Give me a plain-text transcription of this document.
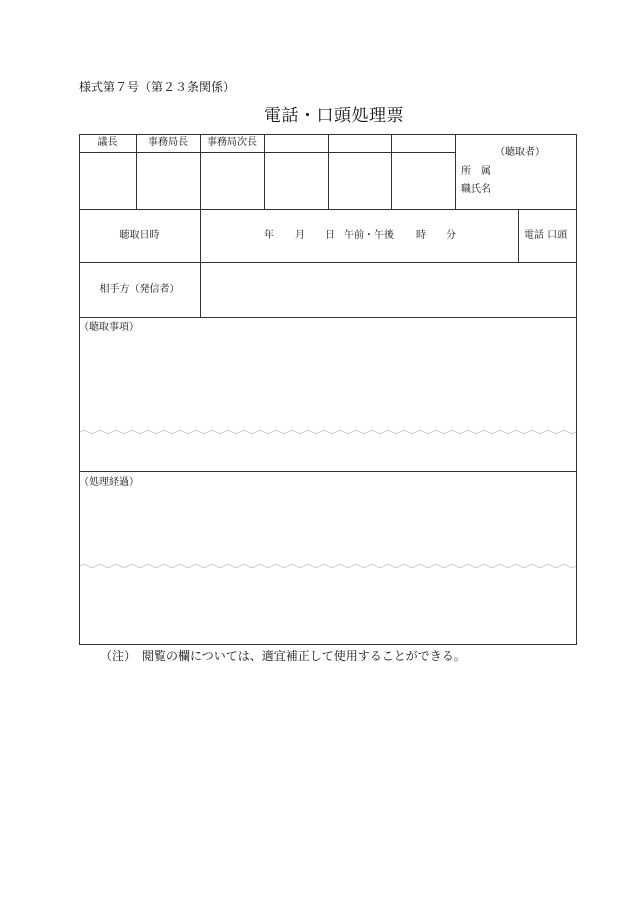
様式第７号（第２３条関係）
電話・口頭処理票
議長	事務局長	事務局次長
（聴取者）
所　属
職氏名
聴取日時	年 月 日 午前・午後 時 分	電話 口頭
相手方（発信者）
（聴取事項）
（処理経過）
（注）　閲覧の欄については、適宜補正して使用することができる。
